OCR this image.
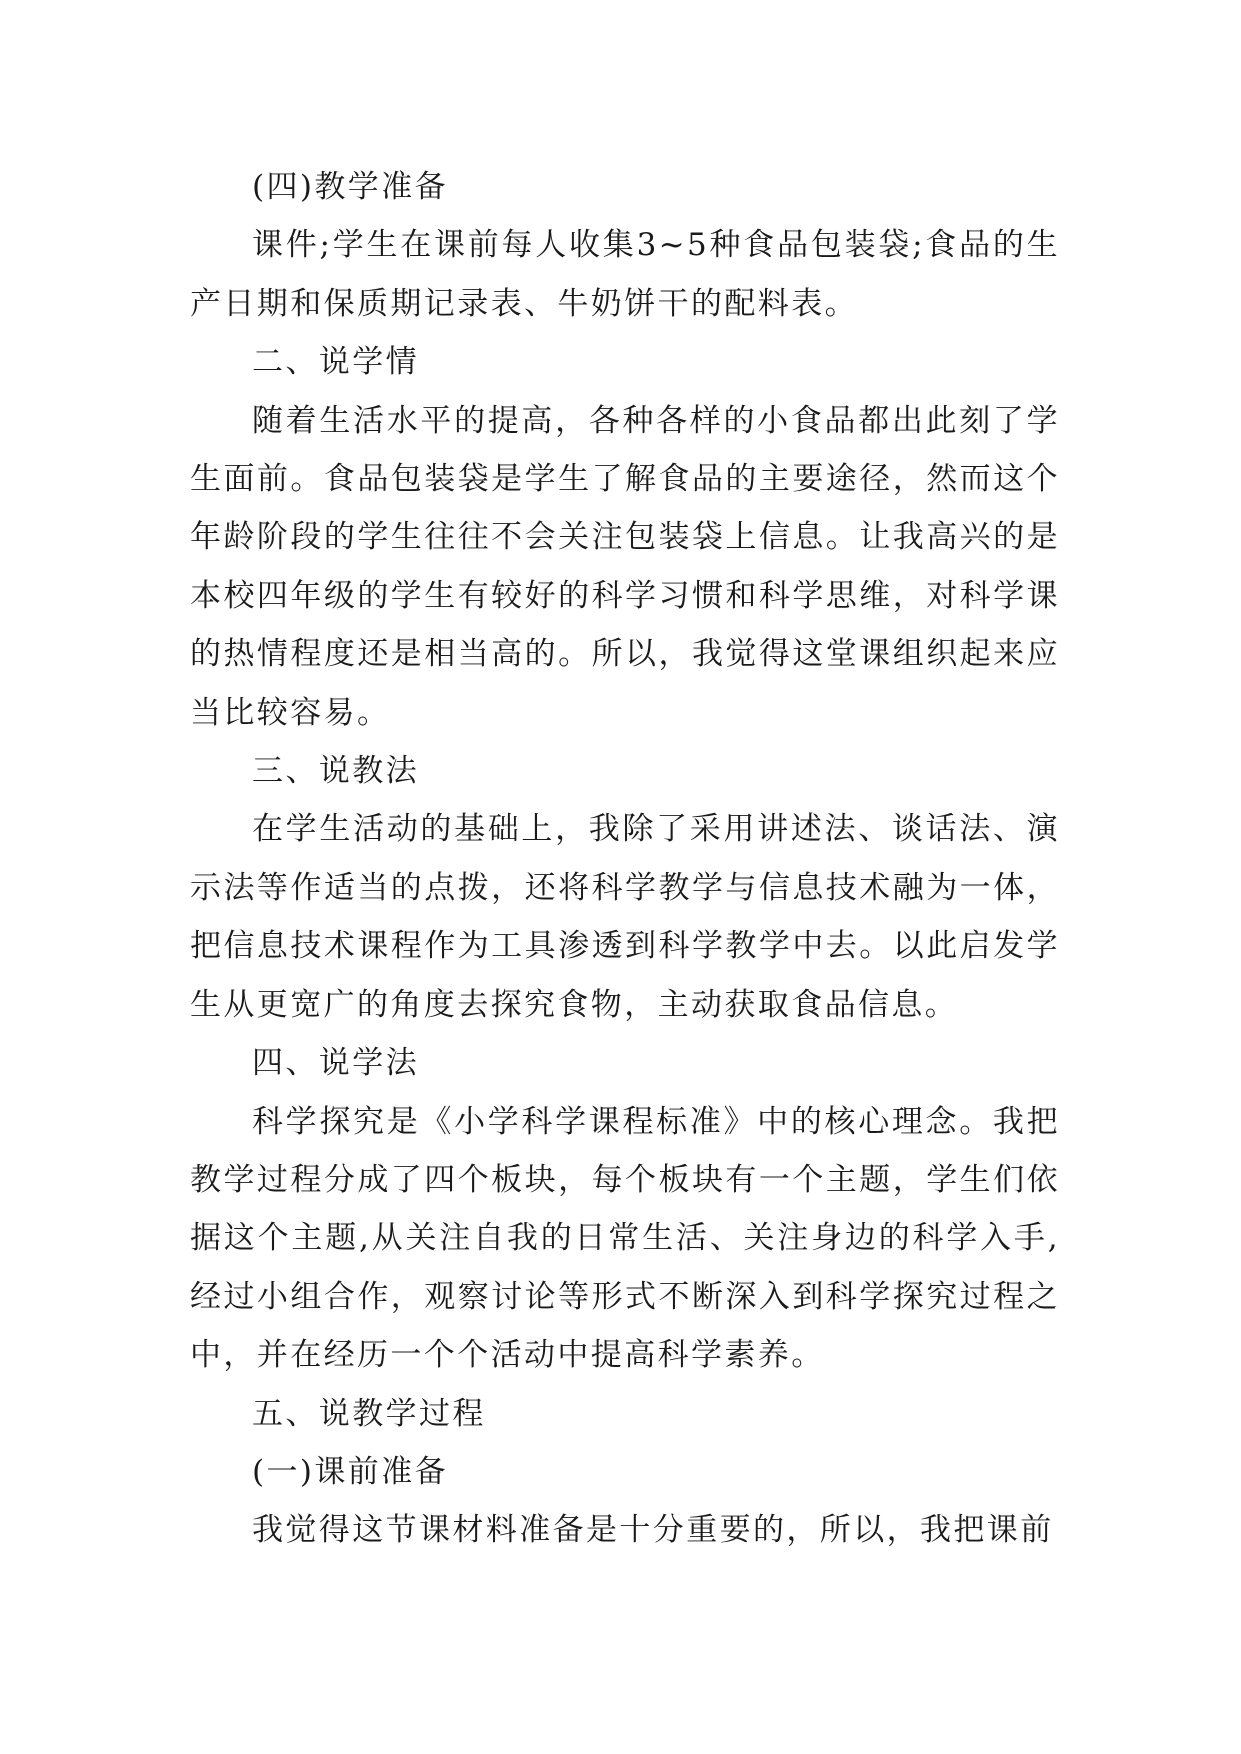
(四)教学准备

课件;学生在课前每人收集3~5种食品包装袋;食品的生产日期和保质期记录表、牛奶饼干的配料表。

二、说学情

随着生活水平的提高，各种各样的小食品都出此刻了学生面前。食品包装袋是学生了解食品的主要途径，然而这个年龄阶段的学生往往不会关注包装袋上信息。让我高兴的是本校四年级的学生有较好的科学习惯和科学思维，对科学课的热情程度还是相当高的。所以，我觉得这堂课组织起来应当比较容易。

三、说教法

在学生活动的基础上，我除了采用讲述法、谈话法、演示法等作适当的点拨，还将科学教学与信息技术融为一体，把信息技术课程作为工具渗透到科学教学中去。以此启发学生从更宽广的角度去探究食物，主动获取食品信息。

四、说学法

科学探究是《小学科学课程标准》中的核心理念。我把教学过程分成了四个板块，每个板块有一个主题，学生们依据这个主题,从关注自我的日常生活、关注身边的科学入手,经过小组合作，观察讨论等形式不断深入到科学探究过程之中，并在经历一个个活动中提高科学素养。

五、说教学过程

(一)课前准备

我觉得这节课材料准备是十分重要的，所以，我把课前
